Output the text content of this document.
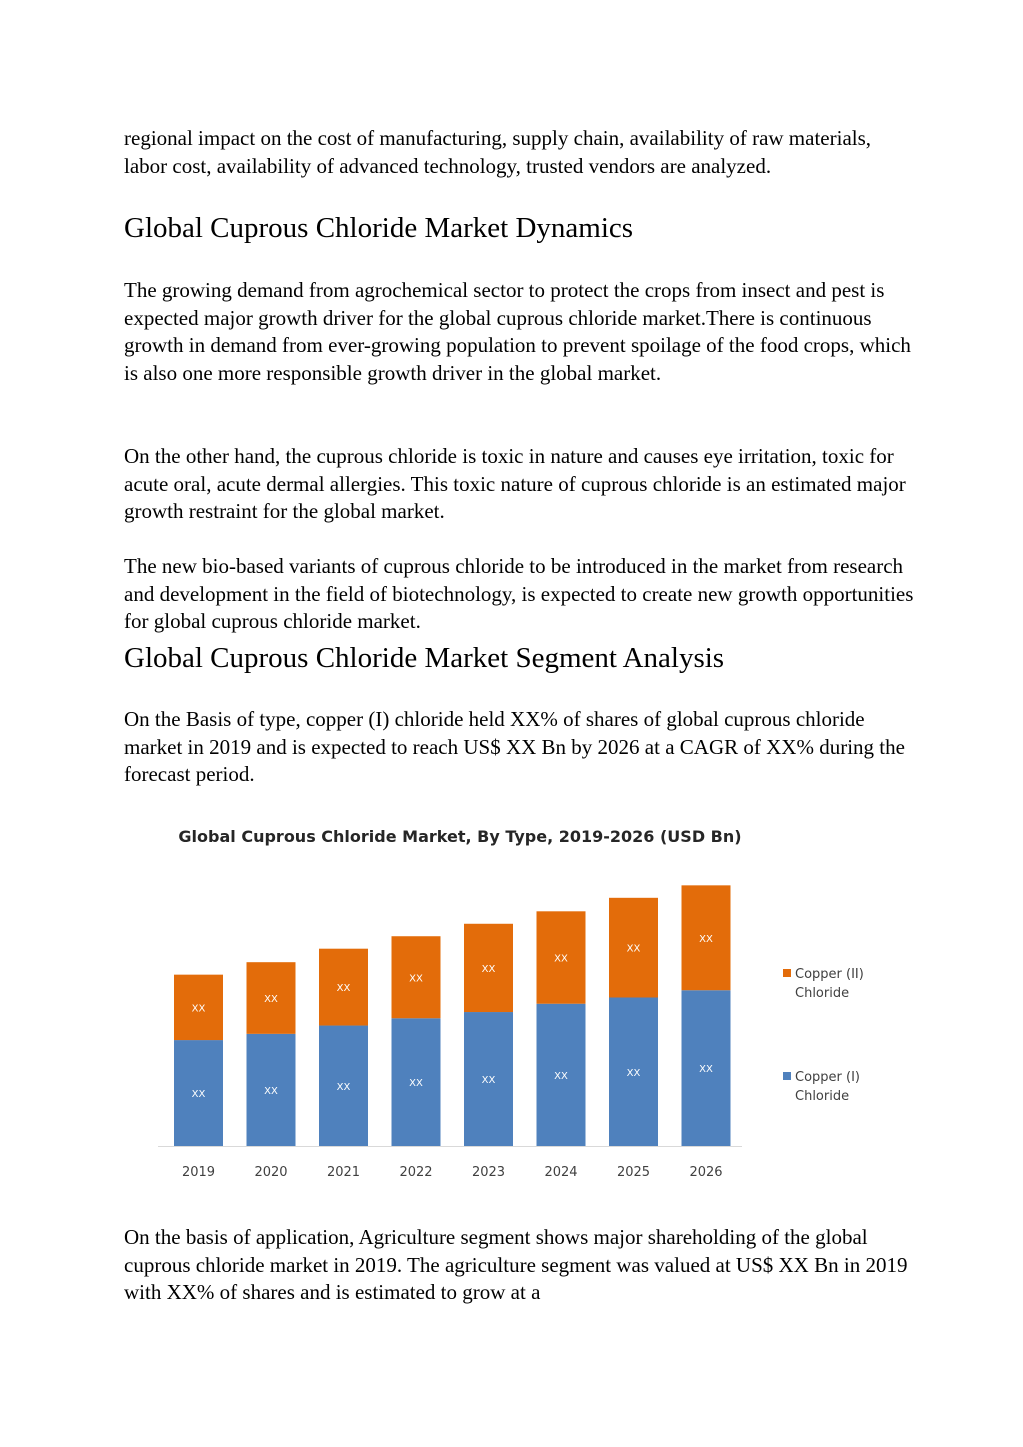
regional impact on the cost of manufacturing, supply chain, availability of raw materials, labor cost, availability of advanced technology, trusted vendors are analyzed.

Global Cuprous Chloride Market Dynamics

The growing demand from agrochemical sector to protect the crops from insect and pest is expected major growth driver for the global cuprous chloride market.There is continuous growth in demand from ever-growing population to prevent spoilage of the food crops, which is also one more responsible growth driver in the global market.

On the other hand, the cuprous chloride is toxic in nature and causes eye irritation, toxic for acute oral, acute dermal allergies. This toxic nature of cuprous chloride is an estimated major growth restraint for the global market.

The new bio-based variants of cuprous chloride to be introduced in the market from research and development in the field of biotechnology, is expected to create new growth opportunities for global cuprous chloride market.

Global Cuprous Chloride Market Segment Analysis

On the Basis of type, copper (I) chloride held XX% of shares of global cuprous chloride market in 2019 and is expected to reach US$ XX Bn by 2026 at a CAGR of XX% during the forecast period.

Global Cuprous Chloride Market, By Type, 2019-2026 (USD Bn)
XX
XX
2019
XX
XX
2020
XX
XX
2021
XX
XX
2022
XX
XX
2023
XX
XX
2024
XX
XX
2025
XX
XX
2026
Copper (II) Chloride
Copper (I) Chloride

On the basis of application, Agriculture segment shows major shareholding of the global cuprous chloride market in 2019. The agriculture segment was valued at US$ XX Bn in 2019 with XX% of shares and is estimated to grow at a
